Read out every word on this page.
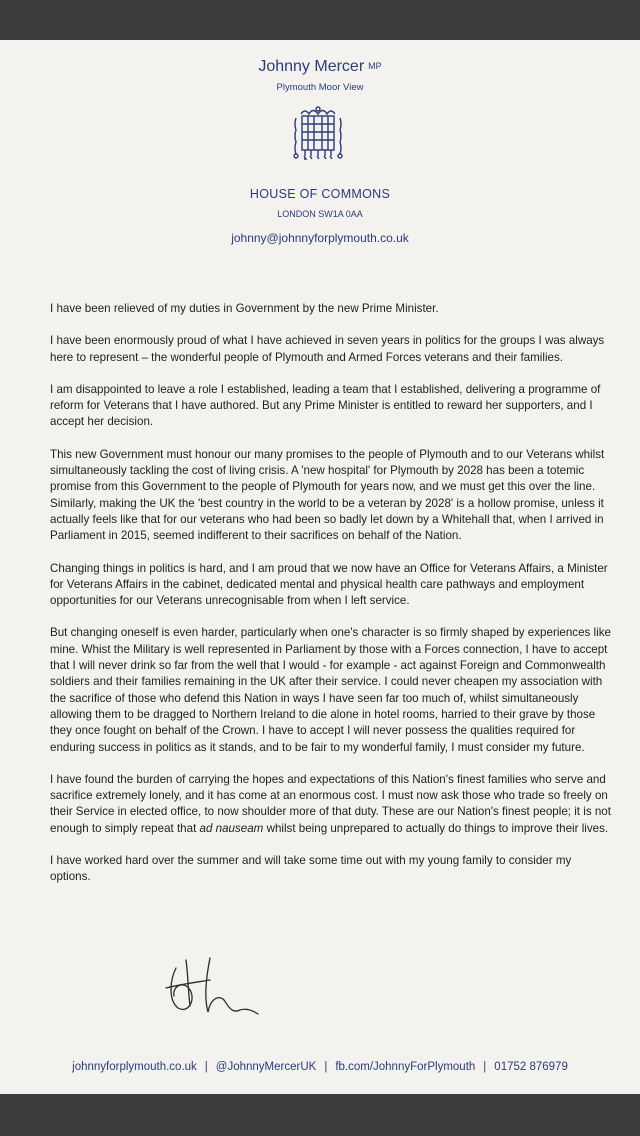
Johnny Mercer MP
Plymouth Moor View
HOUSE OF COMMONS
LONDON SW1A 0AA
johnny@johnnyforplymouth.co.uk

I have been relieved of my duties in Government by the new Prime Minister.

I have been enormously proud of what I have achieved in seven years in politics for the groups I was always here to represent – the wonderful people of Plymouth and Armed Forces veterans and their families.

I am disappointed to leave a role I established, leading a team that I established, delivering a programme of reform for Veterans that I have authored. But any Prime Minister is entitled to reward her supporters, and I accept her decision.

This new Government must honour our many promises to the people of Plymouth and to our Veterans whilst simultaneously tackling the cost of living crisis. A 'new hospital' for Plymouth by 2028 has been a totemic promise from this Government to the people of Plymouth for years now, and we must get this over the line. Similarly, making the UK the 'best country in the world to be a veteran by 2028' is a hollow promise, unless it actually feels like that for our veterans who had been so badly let down by a Whitehall that, when I arrived in Parliament in 2015, seemed indifferent to their sacrifices on behalf of the Nation.

Changing things in politics is hard, and I am proud that we now have an Office for Veterans Affairs, a Minister for Veterans Affairs in the cabinet, dedicated mental and physical health care pathways and employment opportunities for our Veterans unrecognisable from when I left service.

But changing oneself is even harder, particularly when one's character is so firmly shaped by experiences like mine. Whist the Military is well represented in Parliament by those with a Forces connection, I have to accept that I will never drink so far from the well that I would - for example - act against Foreign and Commonwealth soldiers and their families remaining in the UK after their service. I could never cheapen my association with the sacrifice of those who defend this Nation in ways I have seen far too much of, whilst simultaneously allowing them to be dragged to Northern Ireland to die alone in hotel rooms, harried to their grave by those they once fought on behalf of the Crown. I have to accept I will never possess the qualities required for enduring success in politics as it stands, and to be fair to my wonderful family, I must consider my future.

I have found the burden of carrying the hopes and expectations of this Nation's finest families who serve and sacrifice extremely lonely, and it has come at an enormous cost. I must now ask those who trade so freely on their Service in elected office, to now shoulder more of that duty. These are our Nation's finest people; it is not enough to simply repeat that ad nauseam whilst being unprepared to actually do things to improve their lives.

I have worked hard over the summer and will take some time out with my young family to consider my options.

johnnyforplymouth.co.uk | @JohnnyMercerUK | fb.com/JohnnyForPlymouth | 01752 876979
